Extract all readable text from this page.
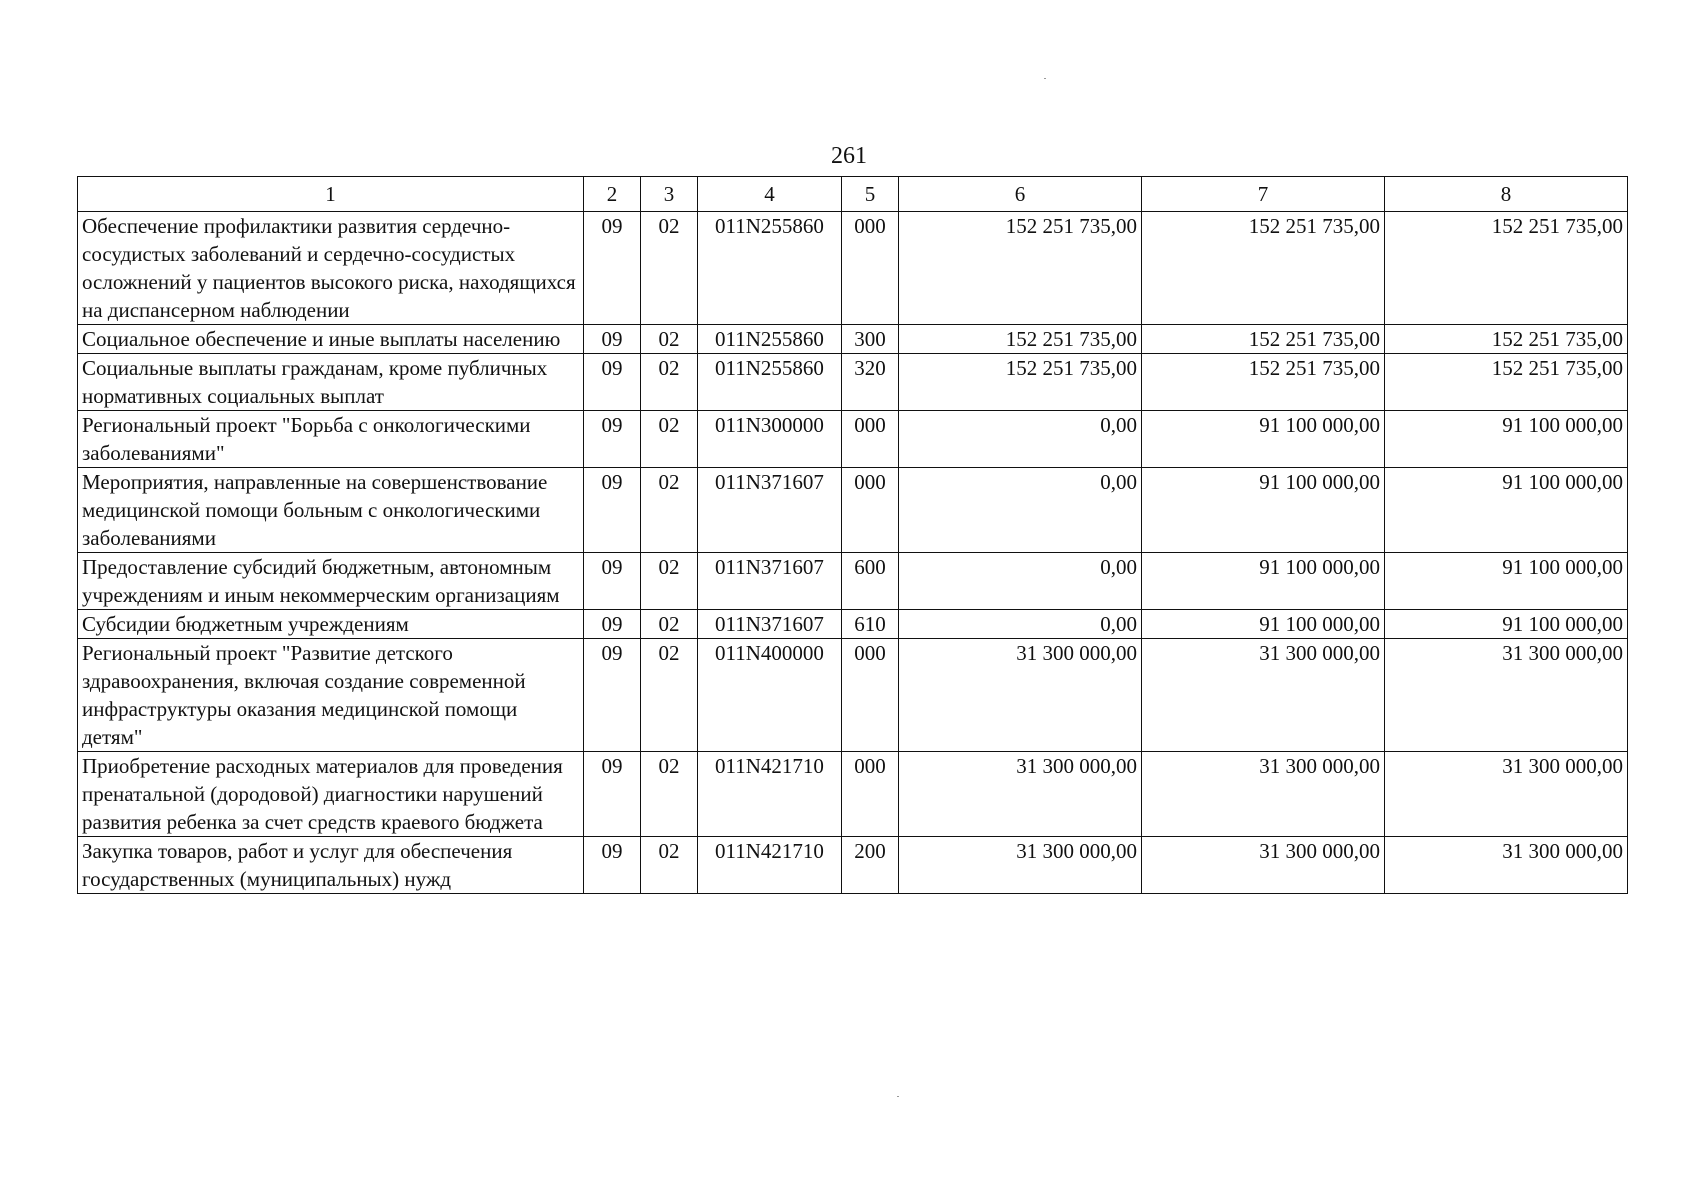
261
1	2	3	4	5	6	7	8
Обеспечение профилактики развития сердечно-сосудистых заболеваний и сердечно-сосудистых осложнений у пациентов высокого риска, находящихся на диспансерном наблюдении	09	02	011N255860	000	152 251 735,00	152 251 735,00	152 251 735,00
Социальное обеспечение и иные выплаты населению	09	02	011N255860	300	152 251 735,00	152 251 735,00	152 251 735,00
Социальные выплаты гражданам, кроме публичных нормативных социальных выплат	09	02	011N255860	320	152 251 735,00	152 251 735,00	152 251 735,00
Региональный проект "Борьба с онкологическими заболеваниями"	09	02	011N300000	000	0,00	91 100 000,00	91 100 000,00
Мероприятия, направленные на совершенствование медицинской помощи больным с онкологическими заболеваниями	09	02	011N371607	000	0,00	91 100 000,00	91 100 000,00
Предоставление субсидий бюджетным, автономным учреждениям и иным некоммерческим организациям	09	02	011N371607	600	0,00	91 100 000,00	91 100 000,00
Субсидии бюджетным учреждениям	09	02	011N371607	610	0,00	91 100 000,00	91 100 000,00
Региональный проект "Развитие детского здравоохранения, включая создание современной инфраструктуры оказания медицинской помощи детям"	09	02	011N400000	000	31 300 000,00	31 300 000,00	31 300 000,00
Приобретение расходных материалов для проведения пренатальной (дородовой) диагностики нарушений развития ребенка за счет средств краевого бюджета	09	02	011N421710	000	31 300 000,00	31 300 000,00	31 300 000,00
Закупка товаров, работ и услуг для обеспечения государственных (муниципальных) нужд	09	02	011N421710	200	31 300 000,00	31 300 000,00	31 300 000,00
